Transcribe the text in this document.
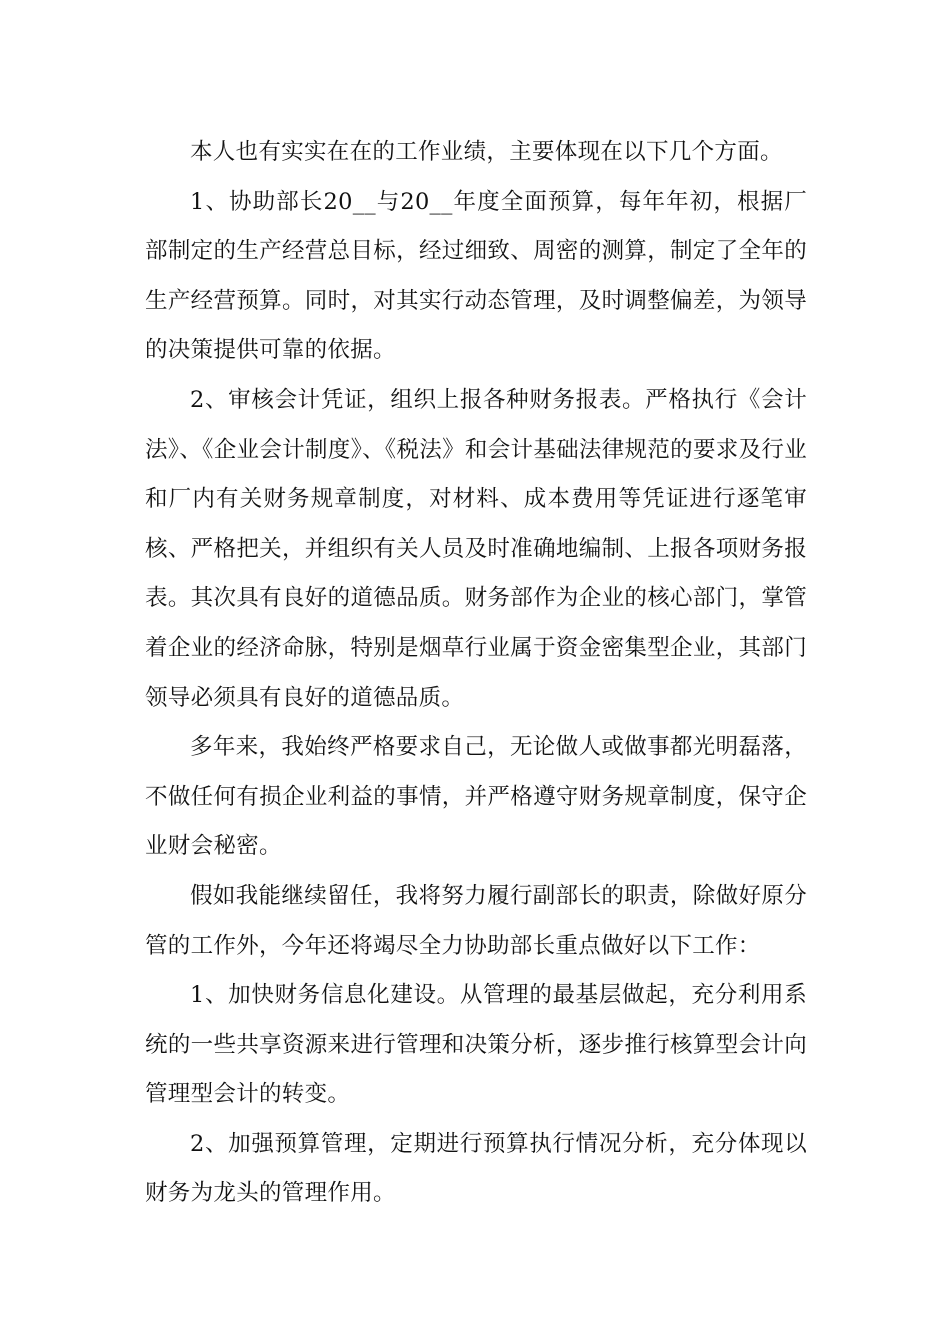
本人也有实实在在的工作业绩，主要体现在以下几个方面。

1、协助部长20__与20__年度全面预算，每年年初，根据厂部制定的生产经营总目标，经过细致、周密的测算，制定了全年的生产经营预算。同时，对其实行动态管理，及时调整偏差，为领导的决策提供可靠的依据。

2、审核会计凭证，组织上报各种财务报表。严格执行《会计法》、《企业会计制度》、《税法》和会计基础法律规范的要求及行业和厂内有关财务规章制度，对材料、成本费用等凭证进行逐笔审核、严格把关，并组织有关人员及时准确地编制、上报各项财务报表。其次具有良好的道德品质。财务部作为企业的核心部门，掌管着企业的经济命脉，特别是烟草行业属于资金密集型企业，其部门领导必须具有良好的道德品质。

多年来，我始终严格要求自己，无论做人或做事都光明磊落，不做任何有损企业利益的事情，并严格遵守财务规章制度，保守企业财会秘密。

假如我能继续留任，我将努力履行副部长的职责，除做好原分管的工作外，今年还将竭尽全力协助部长重点做好以下工作：

1、加快财务信息化建设。从管理的最基层做起，充分利用系统的一些共享资源来进行管理和决策分析，逐步推行核算型会计向管理型会计的转变。

2、加强预算管理，定期进行预算执行情况分析，充分体现以财务为龙头的管理作用。
